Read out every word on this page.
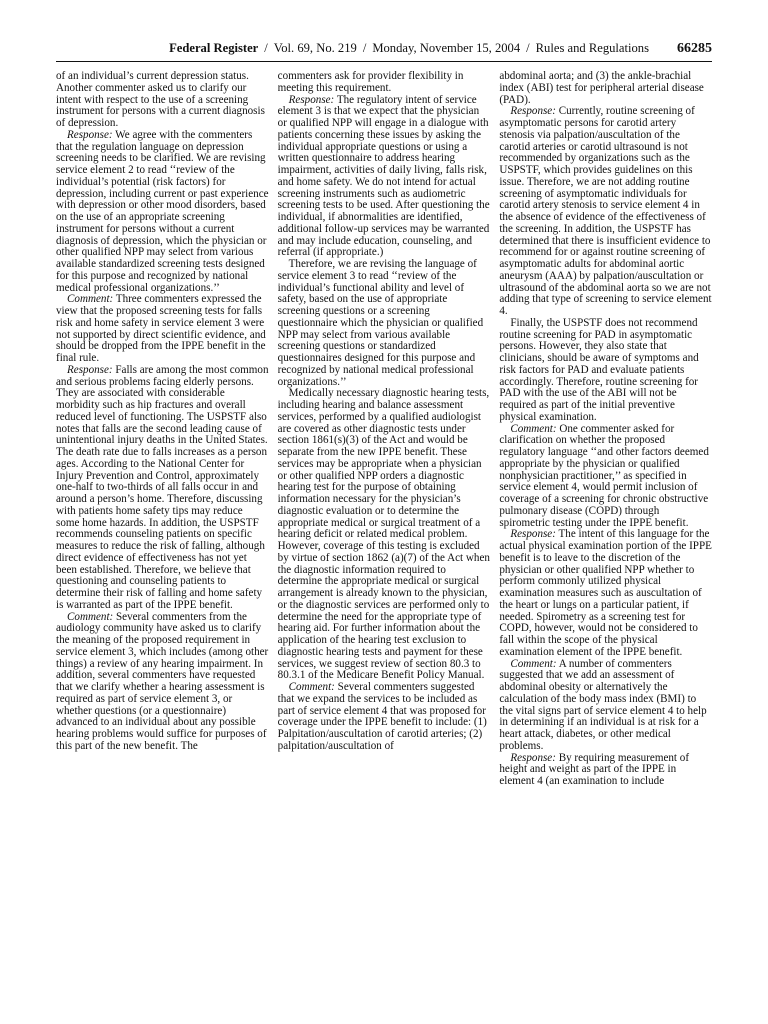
Federal Register / Vol. 69, No. 219 / Monday, November 15, 2004 / Rules and Regulations 66285

of an individual’s current depression status. Another commenter asked us to clarify our intent with respect to the use of a screening instrument for persons with a current diagnosis of depression.

Response: We agree with the commenters that the regulation language on depression screening needs to be clarified. We are revising service element 2 to read ‘‘review of the individual’s potential (risk factors) for depression, including current or past experience with depression or other mood disorders, based on the use of an appropriate screening instrument for persons without a current diagnosis of depression, which the physician or other qualified NPP may select from various available standardized screening tests designed for this purpose and recognized by national medical professional organizations.’’

Comment: Three commenters expressed the view that the proposed screening tests for falls risk and home safety in service element 3 were not supported by direct scientific evidence, and should be dropped from the IPPE benefit in the final rule.

Response: Falls are among the most common and serious problems facing elderly persons. They are associated with considerable morbidity such as hip fractures and overall reduced level of functioning. The USPSTF also notes that falls are the second leading cause of unintentional injury deaths in the United States. The death rate due to falls increases as a person ages. According to the National Center for Injury Prevention and Control, approximately one-half to two-thirds of all falls occur in and around a person’s home. Therefore, discussing with patients home safety tips may reduce some home hazards. In addition, the USPSTF recommends counseling patients on specific measures to reduce the risk of falling, although direct evidence of effectiveness has not yet been established. Therefore, we believe that questioning and counseling patients to determine their risk of falling and home safety is warranted as part of the IPPE benefit.

Comment: Several commenters from the audiology community have asked us to clarify the meaning of the proposed requirement in service element 3, which includes (among other things) a review of any hearing impairment. In addition, several commenters have requested that we clarify whether a hearing assessment is required as part of service element 3, or whether questions (or a questionnaire) advanced to an individual about any possible hearing problems would suffice for purposes of this part of the new benefit. The

commenters ask for provider flexibility in meeting this requirement.

Response: The regulatory intent of service element 3 is that we expect that the physician or qualified NPP will engage in a dialogue with patients concerning these issues by asking the individual appropriate questions or using a written questionnaire to address hearing impairment, activities of daily living, falls risk, and home safety. We do not intend for actual screening instruments such as audiometric screening tests to be used. After questioning the individual, if abnormalities are identified, additional follow-up services may be warranted and may include education, counseling, and referral (if appropriate.)

Therefore, we are revising the language of service element 3 to read ‘‘review of the individual’s functional ability and level of safety, based on the use of appropriate screening questions or a screening questionnaire which the physician or qualified NPP may select from various available screening questions or standardized questionnaires designed for this purpose and recognized by national medical professional organizations.’’

Medically necessary diagnostic hearing tests, including hearing and balance assessment services, performed by a qualified audiologist are covered as other diagnostic tests under section 1861(s)(3) of the Act and would be separate from the new IPPE benefit. These services may be appropriate when a physician or other qualified NPP orders a diagnostic hearing test for the purpose of obtaining information necessary for the physician’s diagnostic evaluation or to determine the appropriate medical or surgical treatment of a hearing deficit or related medical problem. However, coverage of this testing is excluded by virtue of section 1862 (a)(7) of the Act when the diagnostic information required to determine the appropriate medical or surgical arrangement is already known to the physician, or the diagnostic services are performed only to determine the need for the appropriate type of hearing aid. For further information about the application of the hearing test exclusion to diagnostic hearing tests and payment for these services, we suggest review of section 80.3 to 80.3.1 of the Medicare Benefit Policy Manual.

Comment: Several commenters suggested that we expand the services to be included as part of service element 4 that was proposed for coverage under the IPPE benefit to include: (1) Palpitation/auscultation of carotid arteries; (2) palpitation/auscultation of

abdominal aorta; and (3) the ankle-brachial index (ABI) test for peripheral arterial disease (PAD).

Response: Currently, routine screening of asymptomatic persons for carotid artery stenosis via palpation/auscultation of the carotid arteries or carotid ultrasound is not recommended by organizations such as the USPSTF, which provides guidelines on this issue. Therefore, we are not adding routine screening of asymptomatic individuals for carotid artery stenosis to service element 4 in the absence of evidence of the effectiveness of the screening. In addition, the USPSTF has determined that there is insufficient evidence to recommend for or against routine screening of asymptomatic adults for abdominal aortic aneurysm (AAA) by palpation/auscultation or ultrasound of the abdominal aorta so we are not adding that type of screening to service element 4.

Finally, the USPSTF does not recommend routine screening for PAD in asymptomatic persons. However, they also state that clinicians, should be aware of symptoms and risk factors for PAD and evaluate patients accordingly. Therefore, routine screening for PAD with the use of the ABI will not be required as part of the initial preventive physical examination.

Comment: One commenter asked for clarification on whether the proposed regulatory language ‘‘and other factors deemed appropriate by the physician or qualified nonphysician practitioner,’’ as specified in service element 4, would permit inclusion of coverage of a screening for chronic obstructive pulmonary disease (COPD) through spirometric testing under the IPPE benefit.

Response: The intent of this language for the actual physical examination portion of the IPPE benefit is to leave to the discretion of the physician or other qualified NPP whether to perform commonly utilized physical examination measures such as auscultation of the heart or lungs on a particular patient, if needed. Spirometry as a screening test for COPD, however, would not be considered to fall within the scope of the physical examination element of the IPPE benefit.

Comment: A number of commenters suggested that we add an assessment of abdominal obesity or alternatively the calculation of the body mass index (BMI) to the vital signs part of service element 4 to help in determining if an individual is at risk for a heart attack, diabetes, or other medical problems.

Response: By requiring measurement of height and weight as part of the IPPE in element 4 (an examination to include
